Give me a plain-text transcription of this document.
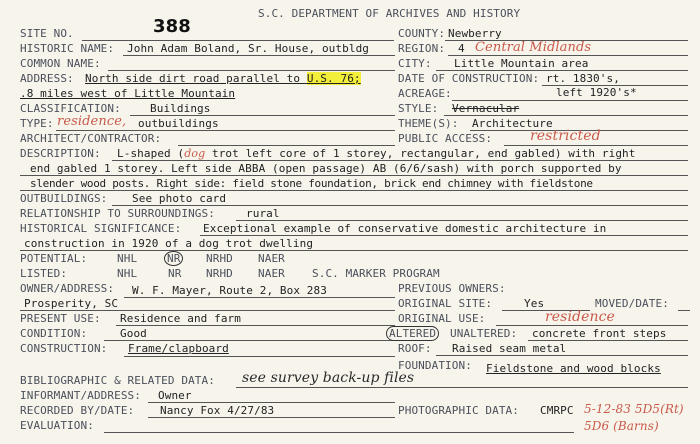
S.C. DEPARTMENT OF ARCHIVES AND HISTORY
SITE NO.	388	COUNTY: Newberry
HISTORIC NAME: John Adam Boland, Sr. House, outbldg	REGION: 4 Central Midlands
COMMON NAME:	CITY: Little Mountain area
ADDRESS: North side dirt road parallel to U.S. 76;	DATE OF CONSTRUCTION: rt. 1830's,
.8 miles west of Little Mountain	ACREAGE:	left 1920's*
CLASSIFICATION:	Buildings	STYLE: Vernacular
TYPE: residence, outbuildings	THEME(S): Architecture
ARCHITECT/CONTRACTOR:	PUBLIC ACCESS:	restricted
DESCRIPTION: L-shaped (dog trot left core of 1 storey, rectangular, end gabled) with right
end gabled 1 storey. Left side ABBA (open passage) AB (6/6/sash) with porch supported by
slender wood posts. Right side: field stone foundation, brick end chimney with fieldstone
OUTBUILDINGS: See photo card
RELATIONSHIP TO SURROUNDINGS:	rural
HISTORICAL SIGNIFICANCE: Exceptional example of conservative domestic architecture in
construction in 1920 of a dog trot dwelling
POTENTIAL:	NHL	NR NRHD NAER
LISTED:	NHL	NR NRHD NAER S.C. MARKER PROGRAM
OWNER/ADDRESS: W. F. Mayer, Route 2, Box 283	PREVIOUS OWNERS:
Prosperity, SC	ORIGINAL SITE:	Yes	MOVED/DATE:
PRESENT USE: Residence and farm	ORIGINAL USE:	residence
CONDITION:	Good	ALTERED UNALTERED: concrete front steps
CONSTRUCTION: Frame/clapboard	ROOF: Raised seam metal
FOUNDATION: Fieldstone and wood blocks
BIBLIOGRAPHIC & RELATED DATA: see survey back-up files
INFORMANT/ADDRESS: Owner
RECORDED BY/DATE: Nancy Fox 4/27/83	PHOTOGRAPHIC DATA: CMRPC 5-12-83 5D5(Rt)
5D6 (Barns)
EVALUATION:
